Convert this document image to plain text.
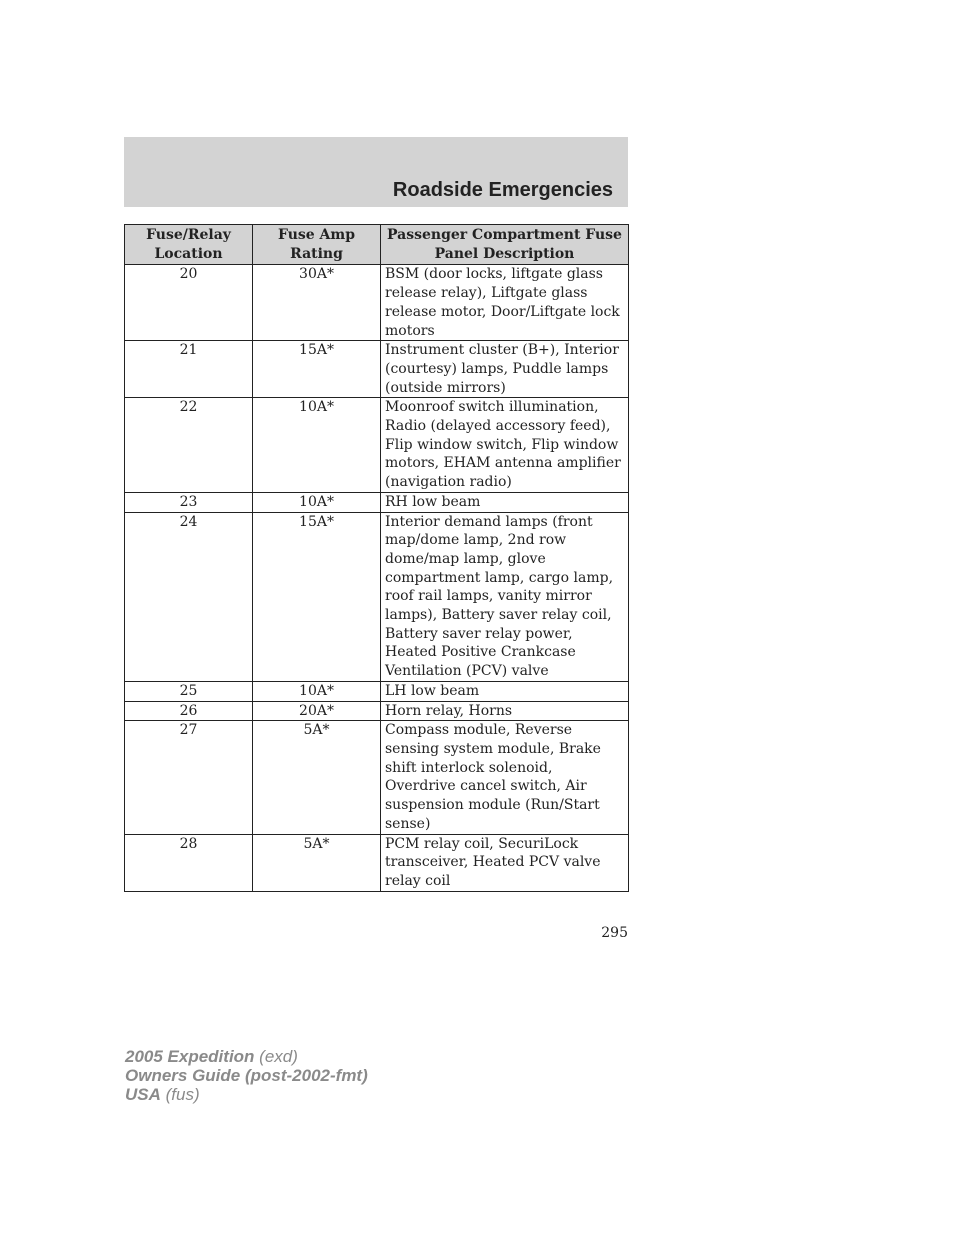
Roadside Emergencies
Fuse/Relay Location	Fuse Amp Rating	Passenger Compartment Fuse Panel Description
20	30A*	BSM (door locks, liftgate glass release relay), Liftgate glass release motor, Door/Liftgate lock motors
21	15A*	Instrument cluster (B+), Interior (courtesy) lamps, Puddle lamps (outside mirrors)
22	10A*	Moonroof switch illumination, Radio (delayed accessory feed), Flip window switch, Flip window motors, EHAM antenna amplifier (navigation radio)
23	10A*	RH low beam
24	15A*	Interior demand lamps (front map/dome lamp, 2nd row dome/map lamp, glove compartment lamp, cargo lamp, roof rail lamps, vanity mirror lamps), Battery saver relay coil, Battery saver relay power, Heated Positive Crankcase Ventilation (PCV) valve
25	10A*	LH low beam
26	20A*	Horn relay, Horns
27	5A*	Compass module, Reverse sensing system module, Brake shift interlock solenoid, Overdrive cancel switch, Air suspension module (Run/Start sense)
28	5A*	PCM relay coil, SecuriLock transceiver, Heated PCV valve relay coil
295
2005 Expedition (exd)
Owners Guide (post-2002-fmt)
USA (fus)
